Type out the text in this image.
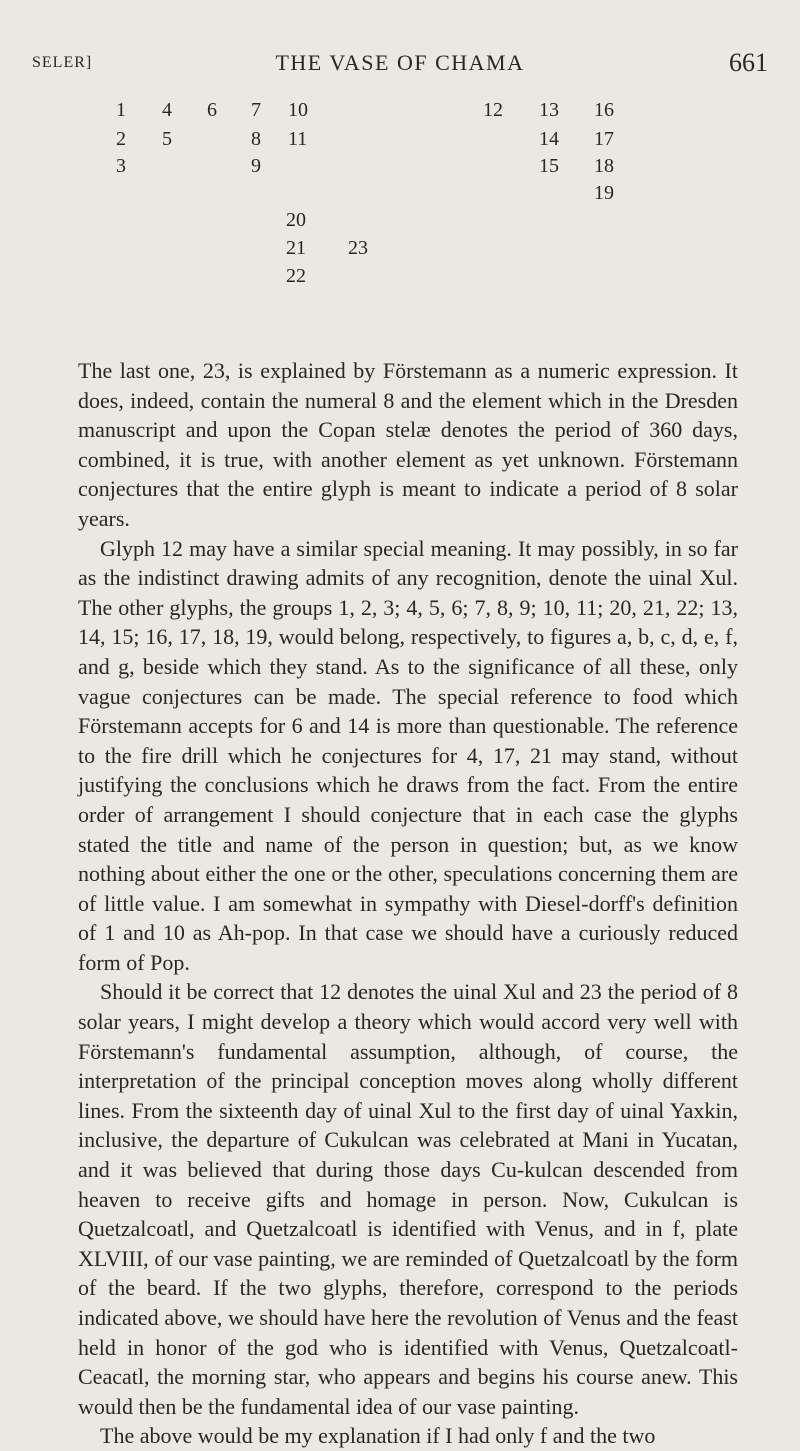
SELER]	THE VASE OF CHAMA	661
1
2
3
4
5
6 7
8
9
10
11
20
21
22
23
12 13
14
15
16
17
18
19

The last one, 23, is explained by Förstemann as a numeric expression. It does, indeed, contain the numeral 8 and the element which in the Dresden manuscript and upon the Copan stelæ denotes the period of 360 days, combined, it is true, with another element as yet unknown. Förstemann conjectures that the entire glyph is meant to indicate a period of 8 solar years.

Glyph 12 may have a similar special meaning. It may possibly, in so far as the indistinct drawing admits of any recognition, denote the uinal Xul. The other glyphs, the groups 1, 2, 3; 4, 5, 6; 7, 8, 9; 10, 11; 20, 21, 22; 13, 14, 15; 16, 17, 18, 19, would belong, respectively, to figures a, b, c, d, e, f, and g, beside which they stand. As to the significance of all these, only vague conjectures can be made. The special reference to food which Förstemann accepts for 6 and 14 is more than questionable. The reference to the fire drill which he conjectures for 4, 17, 21 may stand, without justifying the conclusions which he draws from the fact. From the entire order of arrangement I should conjecture that in each case the glyphs stated the title and name of the person in question; but, as we know nothing about either the one or the other, speculations concerning them are of little value. I am somewhat in sympathy with Diesel-dorff's definition of 1 and 10 as Ah-pop. In that case we should have a curiously reduced form of Pop.

Should it be correct that 12 denotes the uinal Xul and 23 the period of 8 solar years, I might develop a theory which would accord very well with Förstemann's fundamental assumption, although, of course, the interpretation of the principal conception moves along wholly different lines. From the sixteenth day of uinal Xul to the first day of uinal Yaxkin, inclusive, the departure of Cukulcan was celebrated at Mani in Yucatan, and it was believed that during those days Cu-kulcan descended from heaven to receive gifts and homage in person. Now, Cukulcan is Quetzalcoatl, and Quetzalcoatl is identified with Venus, and in f, plate XLVIII, of our vase painting, we are reminded of Quetzalcoatl by the form of the beard. If the two glyphs, therefore, correspond to the periods indicated above, we should have here the revolution of Venus and the feast held in honor of the god who is identified with Venus, Quetzalcoatl-Ceacatl, the morning star, who appears and begins his course anew. This would then be the fundamental idea of our vase painting.

The above would be my explanation if I had only f and the two
